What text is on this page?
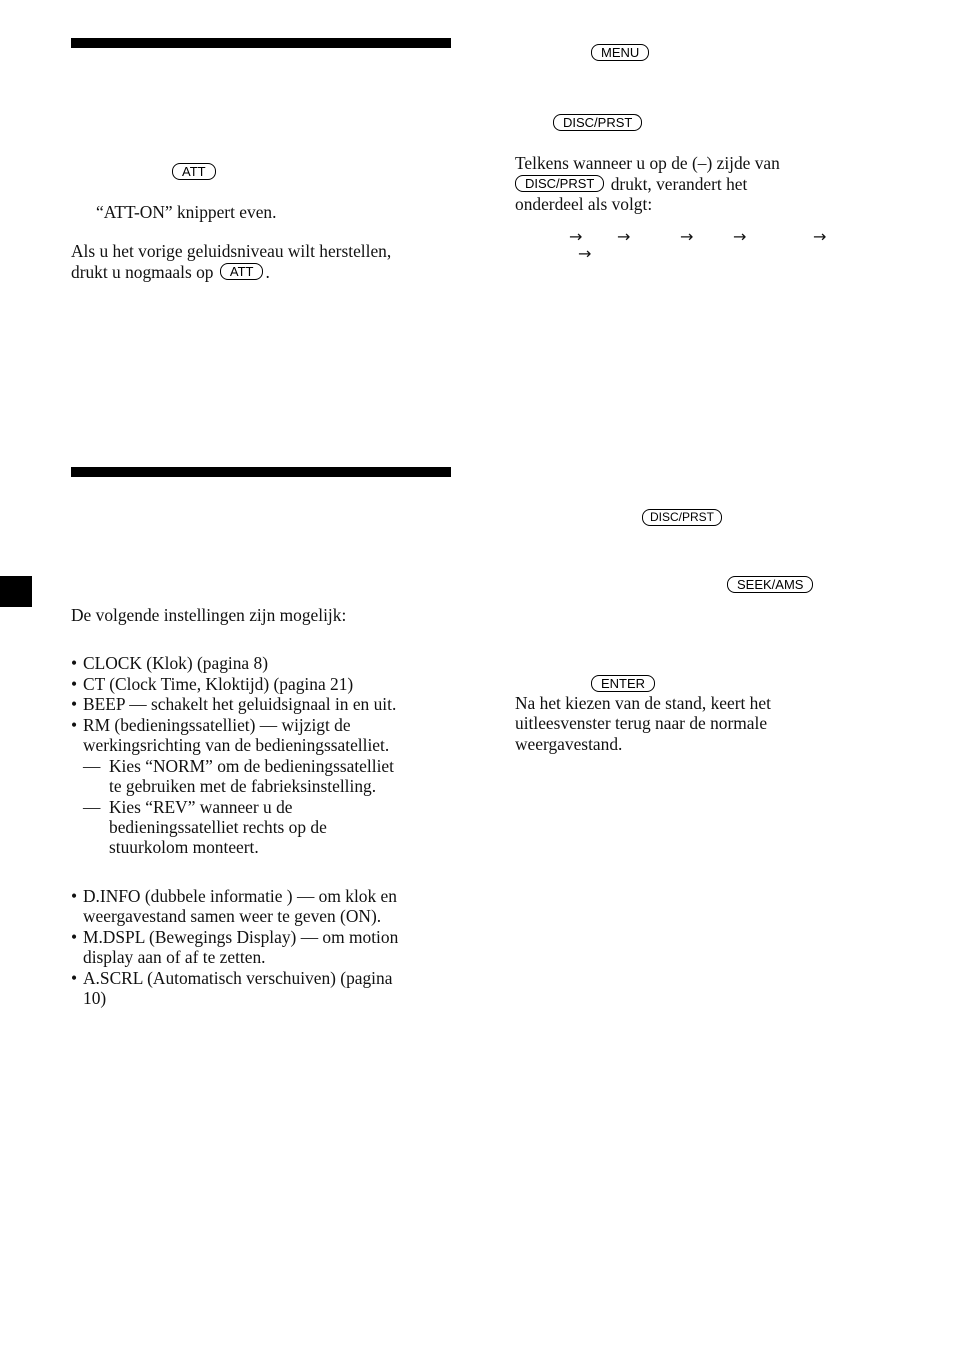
ATT
“ATT-ON” knippert even.
Als u het vorige geluidsniveau wilt herstellen,
drukt u nogmaals op ATT .
De volgende instellingen zijn mogelijk:
• CLOCK (Klok) (pagina 8)
• CT (Clock Time, Kloktijd) (pagina 21)
• BEEP — schakelt het geluidsignaal in en uit.
• RM (bedieningssatelliet) — wijzigt de
werkingsrichting van de bedieningssatelliet.
— Kies “NORM” om de bedieningssatelliet
te gebruiken met de fabrieksinstelling.
— Kies “REV” wanneer u de
bedieningssatelliet rechts op de
stuurkolom monteert.
• D.INFO (dubbele informatie ) — om klok en
weergavestand samen weer te geven (ON).
• M.DSPL (Bewegings Display) — om motion
display aan of af te zetten.
• A.SCRL (Automatisch verschuiven) (pagina
10)
MENU
DISC/PRST
Telkens wanneer u op de (–) zijde van
DISC/PRST drukt, verandert het
onderdeel als volgt:
→ →	→ →	→
→
DISC/PRST
SEEK/AMS
ENTER
Na het kiezen van de stand, keert het
uitleesvenster terug naar de normale
weergavestand.
